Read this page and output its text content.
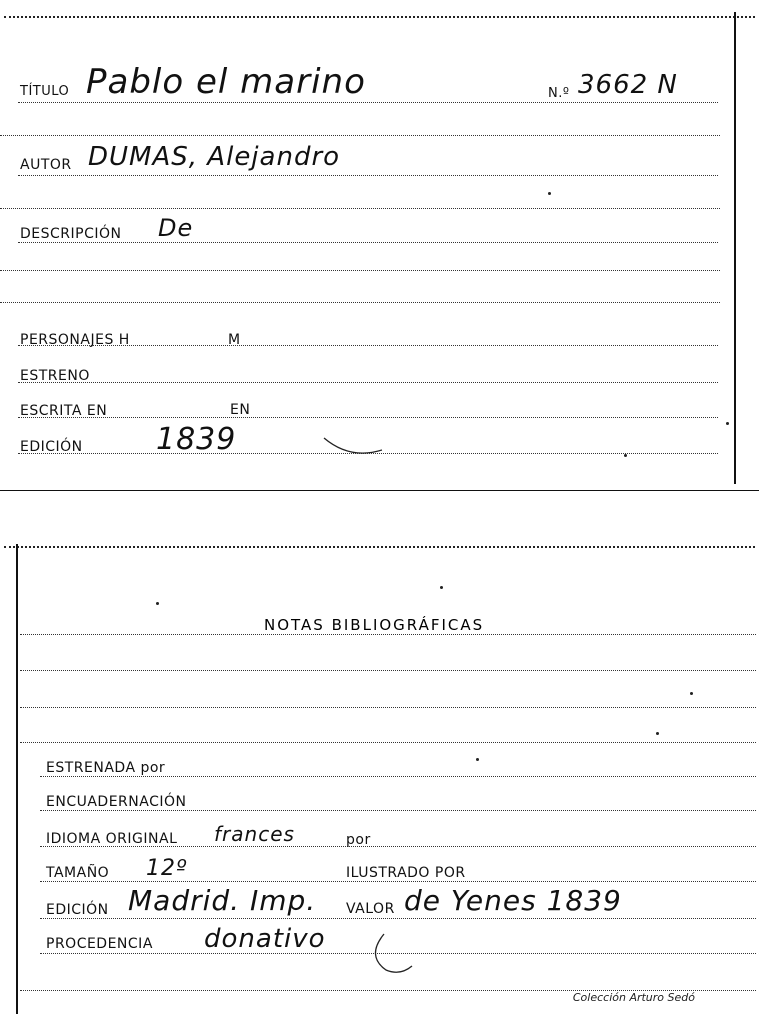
TÍTULO Pablo el marino	N.º 3662 N
AUTOR DUMAS, Alejandro
DESCRIPCIÓN De
PERSONAJES H	M
ESTRENO
ESCRITA EN	EN
EDICIÓN 1839
NOTAS BIBLIOGRÁFICAS
ESTRENADA por
ENCUADERNACIÓN
IDIOMA ORIGINAL frances	por
TAMAÑO 12º	ILUSTRADO POR
EDICIÓN Madrid. Imp. VALOR de Yenes 1839
PROCEDENCIA donativo
Colección Arturo Sedó
